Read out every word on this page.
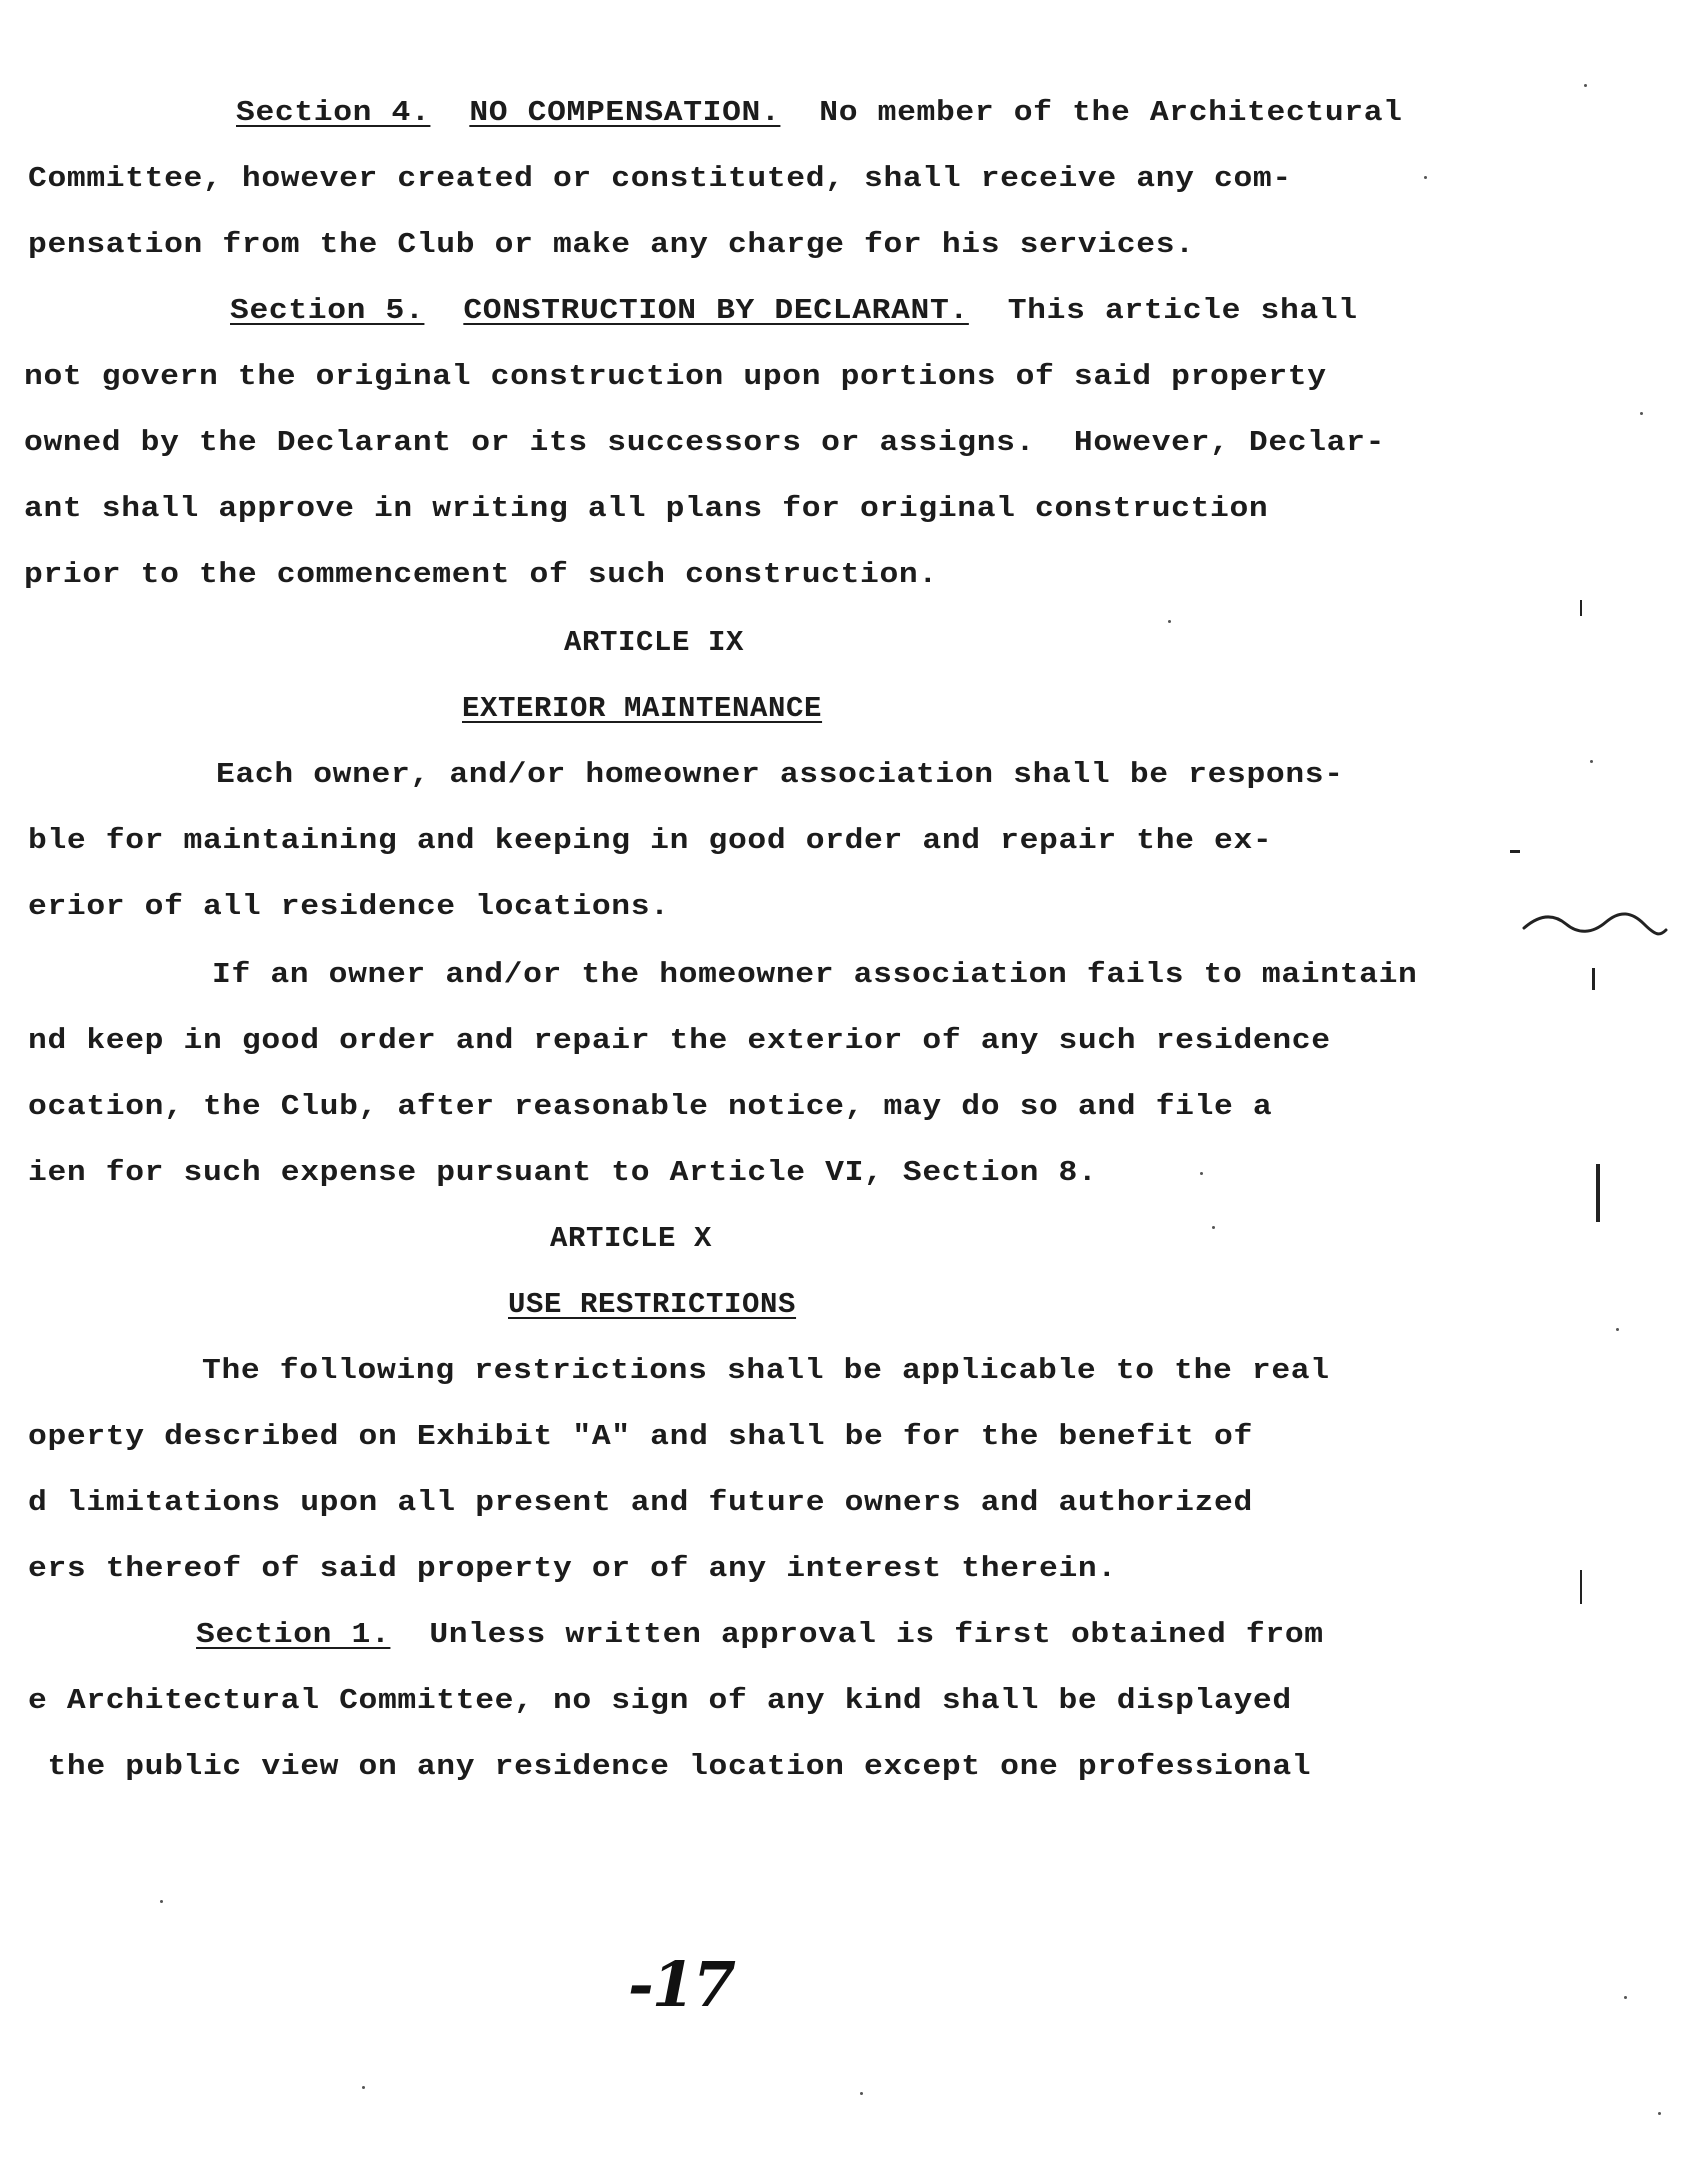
Section 4. NO COMPENSATION.  No member of the Architectural
Committee, however created or constituted, shall receive any com-
pensation from the Club or make any charge for his services.
Section 5. CONSTRUCTION BY DECLARANT.  This article shall
not govern the original construction upon portions of said property
owned by the Declarant or its successors or assigns.  However, Declar-
ant shall approve in writing all plans for original construction
prior to the commencement of such construction.
ARTICLE IX
EXTERIOR MAINTENANCE
Each owner, and/or homeowner association shall be respons-
ble for maintaining and keeping in good order and repair the ex-
erior of all residence locations.
If an owner and/or the homeowner association fails to maintain
nd keep in good order and repair the exterior of any such residence
ocation, the Club, after reasonable notice, may do so and file a
ien for such expense pursuant to Article VI, Section 8.
ARTICLE X
USE RESTRICTIONS
The following restrictions shall be applicable to the real
operty described on Exhibit "A" and shall be for the benefit of
d limitations upon all present and future owners and authorized
ers thereof of said property or of any interest therein.
Section 1.  Unless written approval is first obtained from
e Architectural Committee, no sign of any kind shall be displayed
the public view on any residence location except one professional
-17
